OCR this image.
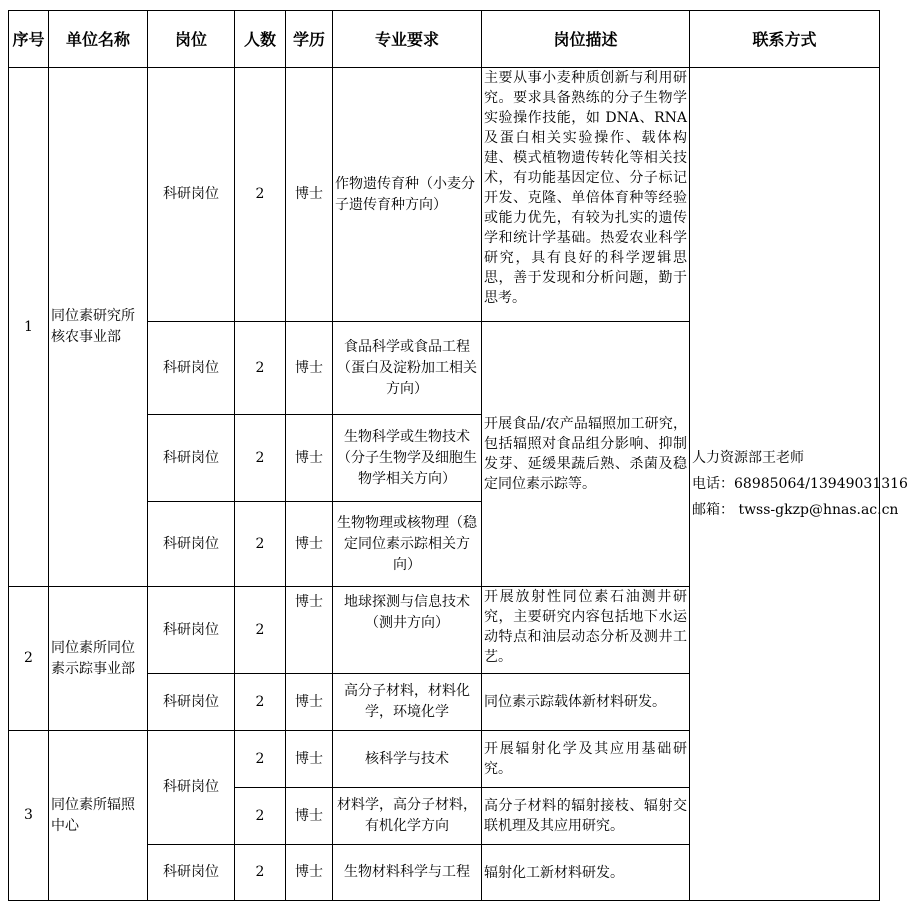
序号	单位名称	岗位	人数	学历	专业要求	岗位描述	联系方式
1	同位素研究所核农事业部	科研岗位	2	博士	作物遗传育种（小麦分子遗传育种方向）	主要从事小麦种质创新与利用研究。要求具备熟练的分子生物学实验操作技能，如 DNA、RNA 及蛋白相关实验操作、载体构建、模式植物遗传转化等相关技术，有功能基因定位、分子标记开发、克隆、单倍体育种等经验或能力优先，有较为扎实的遗传学和统计学基础。热爱农业科学研究，具有良好的科学逻辑思思，善于发现和分析问题，勤于思考。	人力资源部王老师
电话：68985064/13949031316
邮箱： twss-gkzp@hnas.ac.cn

		科研岗位	2	博士	食品科学或食品工程（蛋白及淀粉加工相关方向）	开展食品/农产品辐照加工研究，包括辐照对食品组分影响、抑制发芽、延缓果蔬后熟、杀菌及稳定同位素示踪等。	
		科研岗位	2	博士	生物科学或生物技术（分子生物学及细胞生物学相关方向）		
		科研岗位	2	博士	生物物理或核物理（稳定同位素示踪相关方向）		
2	同位素所同位素示踪事业部	科研岗位	2	博士	地球探测与信息技术（测井方向）	开展放射性同位素石油测井研究，主要研究内容包括地下水运动特点和油层动态分析及测井工艺。	
		科研岗位	2	博士	高分子材料，材料化学，环境化学	同位素示踪载体新材料研发。	
3	同位素所辐照中心	科研岗位	2	博士	核科学与技术	开展辐射化学及其应用基础研究。	
			2	博士	材料学，高分子材料，有机化学方向	高分子材料的辐射接枝、辐射交联机理及其应用研究。	
		科研岗位	2	博士	生物材料科学与工程	辐射化工新材料研发。	
